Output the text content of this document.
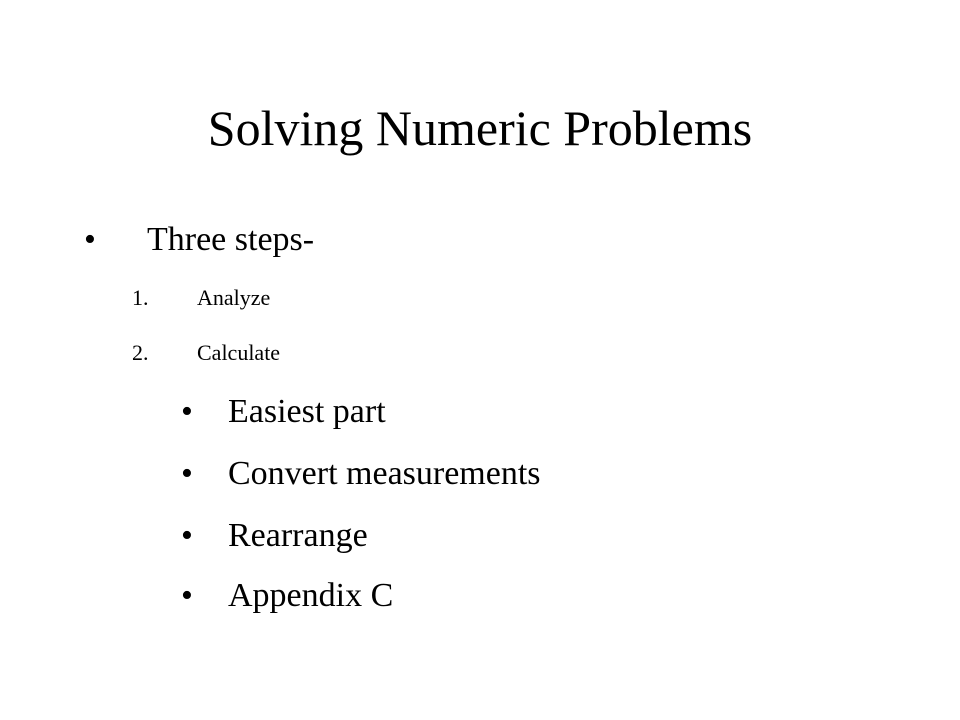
Solving Numeric Problems
• Three steps-
1. Analyze
2. Calculate
• Easiest part
• Convert measurements
• Rearrange
• Appendix C
